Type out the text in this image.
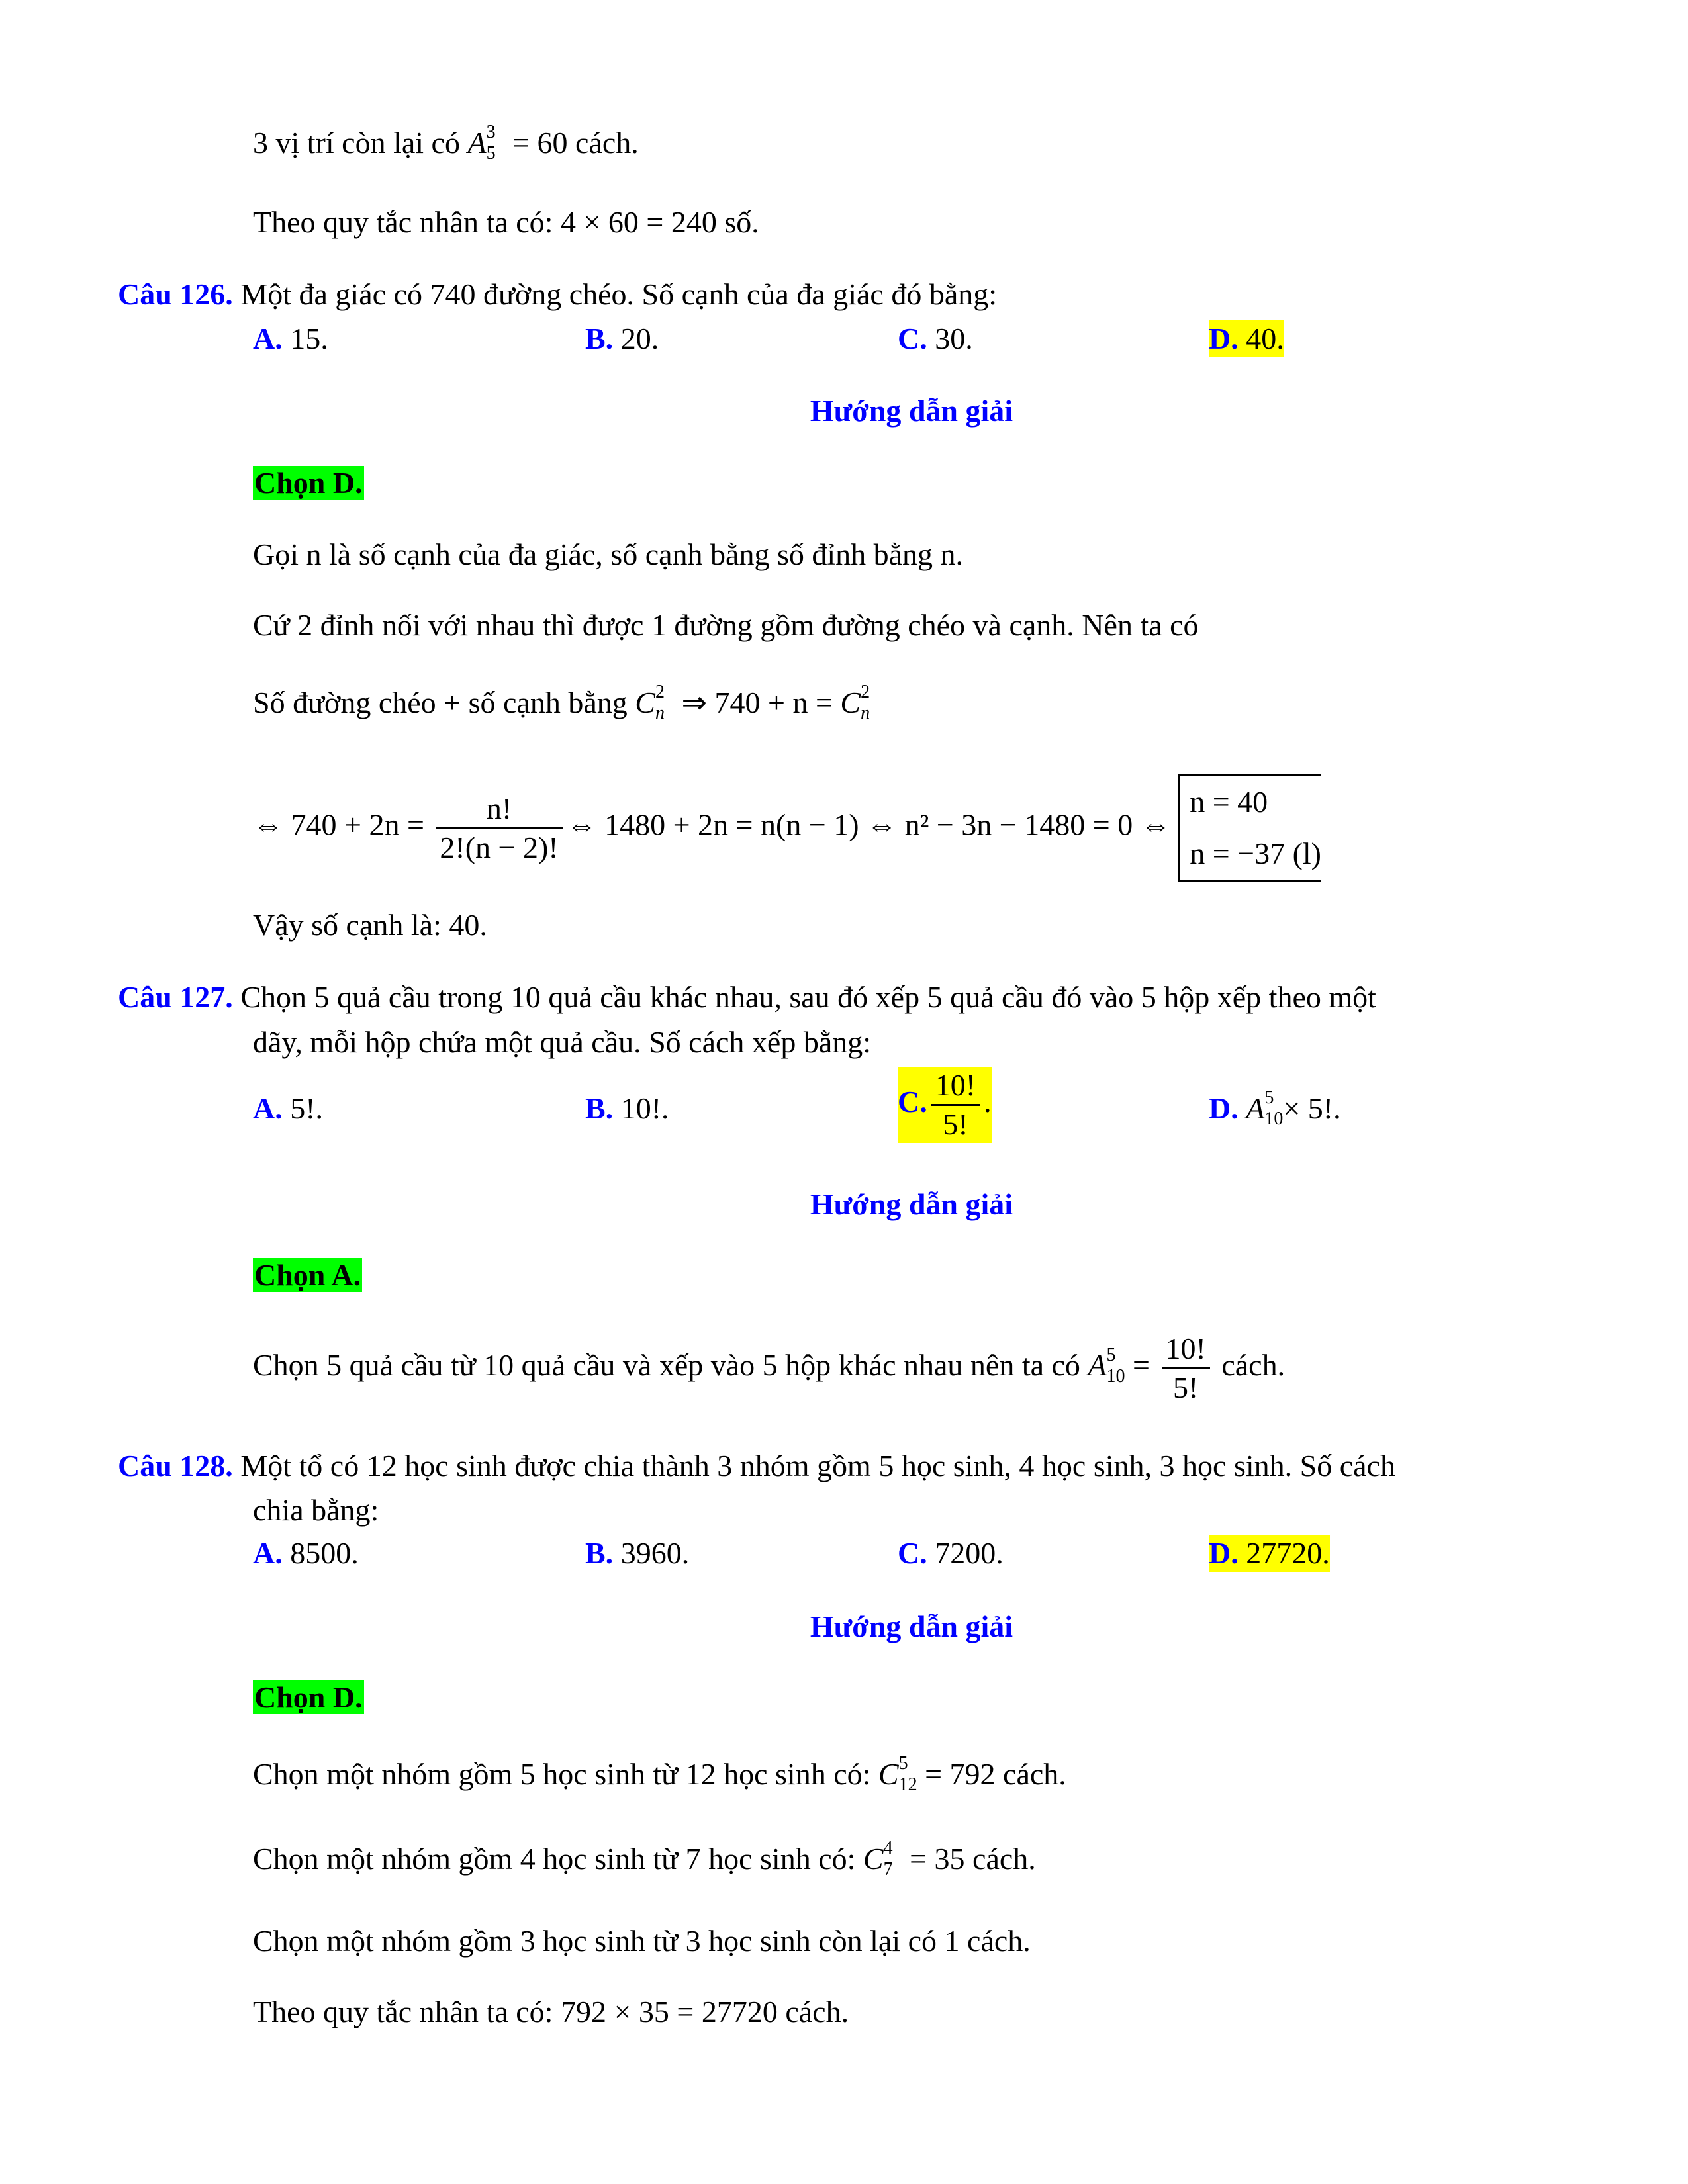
3 vị trí còn lại có A 3
5 = 60 cách.
Theo quy tắc nhân ta có: 4 × 60 = 240 số.
Câu 126. Một đa giác có 740 đường chéo. Số cạnh của đa giác đó bằng:
A. 15.	B. 20.	C. 30.	D. 40.
Hướng dẫn giải
Chọn D.
Gọi n là số cạnh của đa giác, số cạnh bằng số đỉnh bằng n.
Cứ 2 đỉnh nối với nhau thì được 1 đường gồm đường chéo và cạnh. Nên ta có
Số đường chéo + số cạnh bằng C 2
n ⇒ 740 + n = C 2
n
⇔ $740 + 2n = \frac{n!}{2!(n - 2)!}$ ⇔ 1480 + 2n = n(n − 1) ⇔ n² − 3n − 1480 = 0 ⇔
n = 40
n = −37 (l)
Vậy số cạnh là: 40.
Câu 127. Chọn 5 quả cầu trong 10 quả cầu khác nhau, sau đó xếp 5 quả cầu đó vào 5 hộp xếp theo một
dãy, mỗi hộp chứa một quả cầu. Số cách xếp bằng:
A. 5!.	B. 10!.	C. $\frac{10!}{5!}$ .	D. A 5
10 × 5!.
Hướng dẫn giải
Chọn A.
Chọn 5 quả cầu từ 10 quả cầu và xếp vào 5 hộp khác nhau nên ta có A 5
$10 = \frac{10!}{5!}$ cách.
Câu 128. Một tổ có 12 học sinh được chia thành 3 nhóm gồm 5 học sinh, 4 học sinh, 3 học sinh. Số cách
chia bằng:
A. 8500.	B. 3960.	C. 7200.	D. 27720.
Hướng dẫn giải
Chọn D.
Chọn một nhóm gồm 5 học sinh từ 12 học sinh có: C 5
12 = 792 cách.
Chọn một nhóm gồm 4 học sinh từ 7 học sinh có: C 4
7 = 35 cách.
Chọn một nhóm gồm 3 học sinh từ 3 học sinh còn lại có 1 cách.
Theo quy tắc nhân ta có: 792 × 35 = 27720 cách.
